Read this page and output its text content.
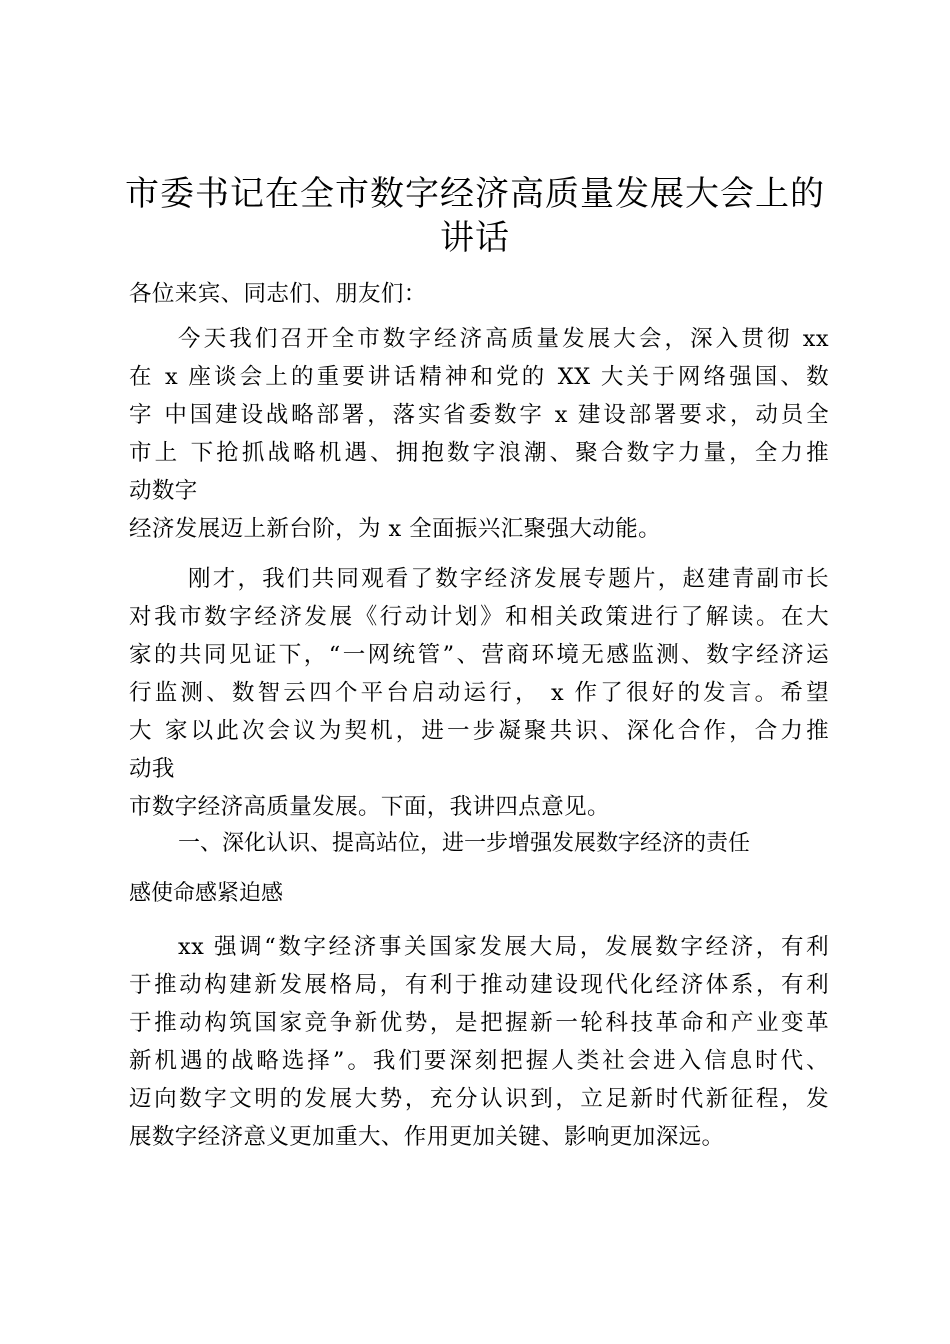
市委书记在全市数字经济高质量发展大会上的
讲话
各位来宾、同志们、朋友们：
今天我们召开全市数字经济高质量发展大会，深入贯彻 xx
在 x 座谈会上的重要讲话精神和党的 XX 大关于网络强国、数
字 中国建设战略部署，落实省委数字 x 建设部署要求，动员全
市上 下抢抓战略机遇、拥抱数字浪潮、聚合数字力量，全力推
动数字
经济发展迈上新台阶，为 x 全面振兴汇聚强大动能。
刚才，我们共同观看了数字经济发展专题片，赵建青副市长
对我市数字经济发展《行动计划》和相关政策进行了解读。在大
家的共同见证下，“一网统管”、营商环境无感监测、数字经济运
行监测、数智云四个平台启动运行， x 作了很好的发言。希望
大 家以此次会议为契机，进一步凝聚共识、深化合作，合力推
动我
市数字经济高质量发展。下面，我讲四点意见。
一、深化认识、提高站位，进一步增强发展数字经济的责任
感使命感紧迫感
xx 强调“数字经济事关国家发展大局，发展数字经济，有利
于推动构建新发展格局，有利于推动建设现代化经济体系，有利
于推动构筑国家竞争新优势，是把握新一轮科技革命和产业变革
新机遇的战略选择”。我们要深刻把握人类社会进入信息时代、
迈向数字文明的发展大势，充分认识到，立足新时代新征程，发
展数字经济意义更加重大、作用更加关键、影响更加深远。
